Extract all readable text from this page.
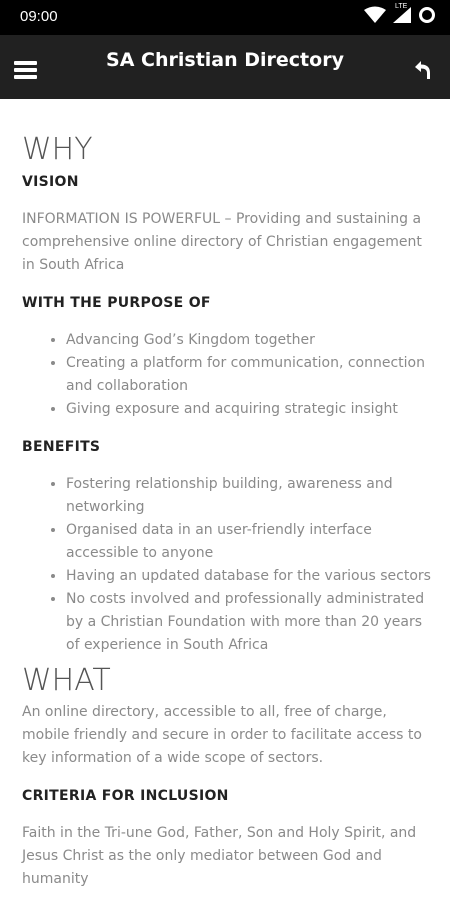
09:00
LTE
SA Christian Directory
WHY
VISION

INFORMATION IS POWERFUL – Providing and sustaining a comprehensive online directory of Christian engagement in South Africa

WITH THE PURPOSE OF
• Advancing God’s Kingdom together
• Creating a platform for communication, connection and collaboration
• Giving exposure and acquiring strategic insight
BENEFITS
• Fostering relationship building, awareness and networking
• Organised data in an user-friendly interface accessible to anyone
• Having an updated database for the various sectors
• No costs involved and professionally administrated by a Christian Foundation with more than 20 years of experience in South Africa
WHAT

An online directory, accessible to all, free of charge, mobile friendly and secure in order to facilitate access to key information of a wide scope of sectors.

CRITERIA FOR INCLUSION

Faith in the Tri-une God, Father, Son and Holy Spirit, and Jesus Christ as the only mediator between God and humanity
